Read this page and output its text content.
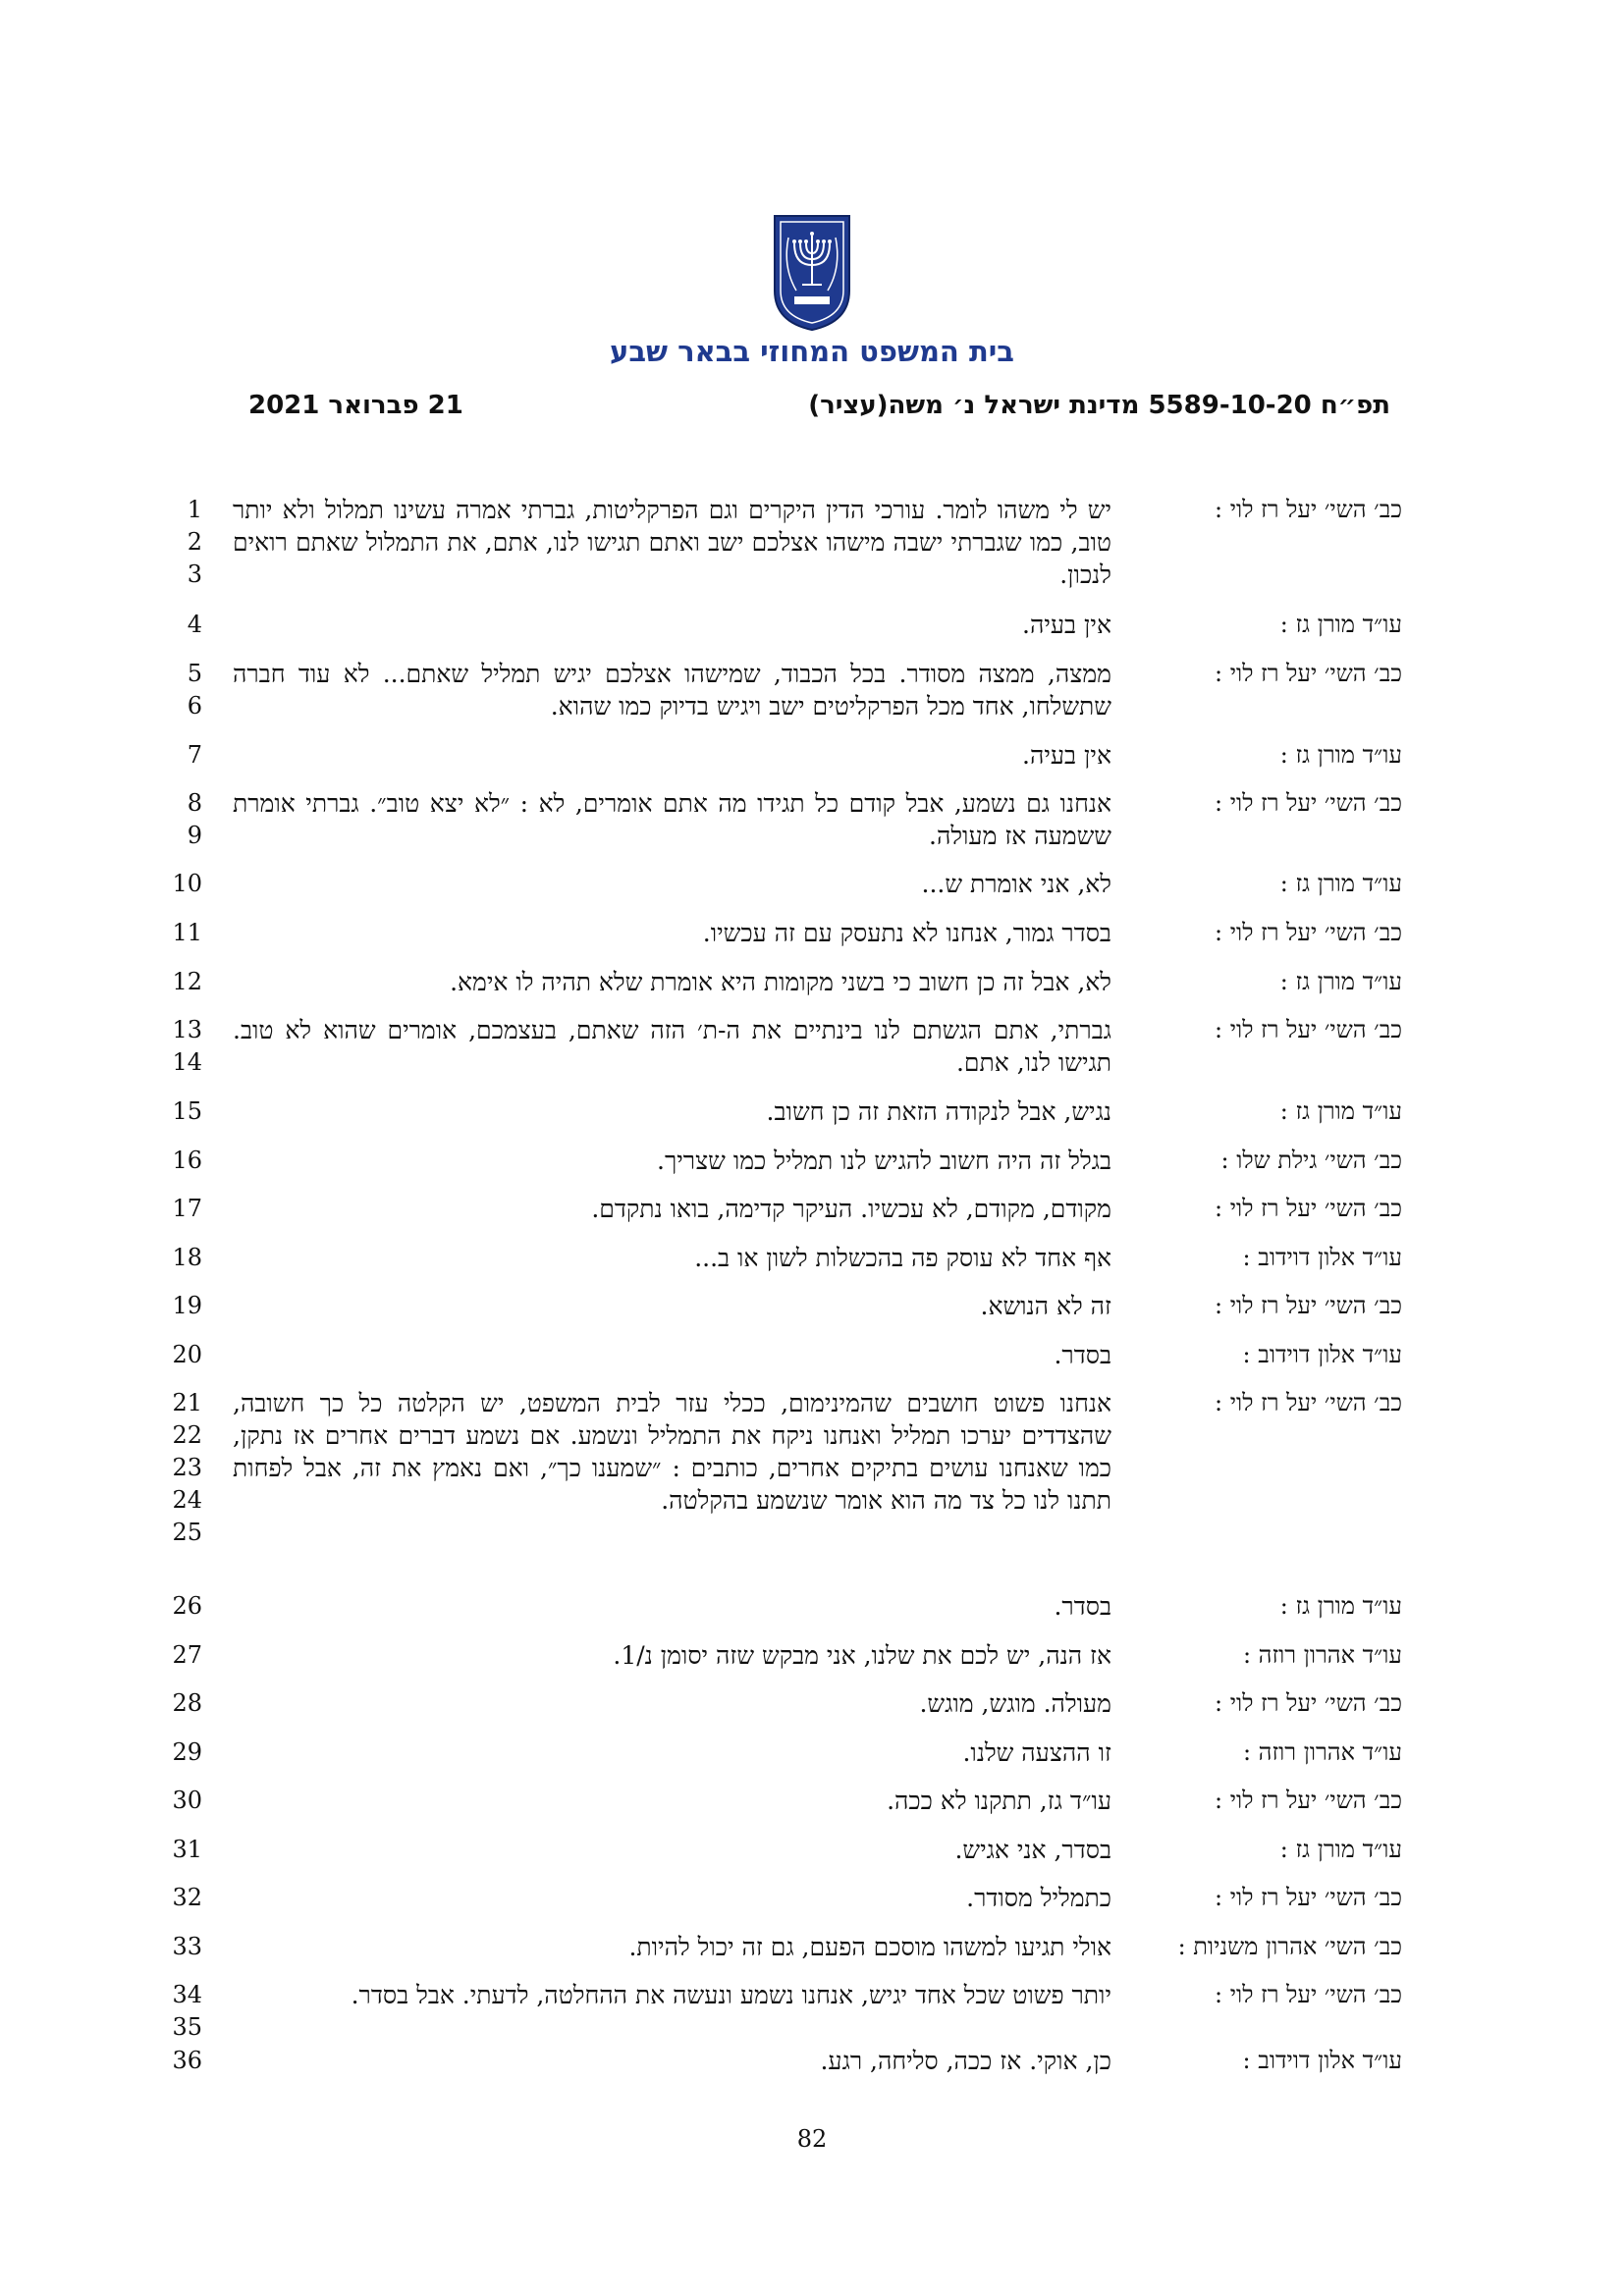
בית המשפט המחוזי בבאר שבע
תפ״ח 5589-10-20 מדינת ישראל נ׳ משה(עציר)
21 פברואר 2021
כב׳ השי׳ יעל רז לוי :
יש לי משהו לומר. עורכי הדין היקרים וגם הפרקליטות, גברתי אמרה עשינו תמלול ולא יותר טוב, כמו שגברתי ישבה מישהו אצלכם ישב ואתם תגישו לנו, אתם, את התמלול שאתם רואים לנכון.
1
2
3
עו״ד מורן גז :
אין בעיה.
4
כב׳ השי׳ יעל רז לוי :
ממצה, ממצה מסודר. בכל הכבוד, שמישהו אצלכם יגיש תמליל שאתם... לא עוד חברה שתשלחו, אחד מכל הפרקליטים ישב ויגיש בדיוק כמו שהוא.
5
6
עו״ד מורן גז :
אין בעיה.
7
כב׳ השי׳ יעל רז לוי :
אנחנו גם נשמע, אבל קודם כל תגידו מה אתם אומרים, לא : ״לא יצא טוב״. גברתי אומרת ששמעה אז מעולה.
8
9
עו״ד מורן גז :
לא, אני אומרת ש...
10
כב׳ השי׳ יעל רז לוי :
בסדר גמור, אנחנו לא נתעסק עם זה עכשיו.
11
עו״ד מורן גז :
לא, אבל זה כן חשוב כי בשני מקומות היא אומרת שלא תהיה לו אימא.
12
כב׳ השי׳ יעל רז לוי :
גברתי, אתם הגשתם לנו בינתיים את ה-ת׳ הזה שאתם, בעצמכם, אומרים שהוא לא טוב. תגישו לנו, אתם.
13
14
עו״ד מורן גז :
נגיש, אבל לנקודה הזאת זה כן חשוב.
15
כב׳ השי׳ גילת שלו :
בגלל זה היה חשוב להגיש לנו תמליל כמו שצריך.
16
כב׳ השי׳ יעל רז לוי :
מקודם, מקודם, לא עכשיו. העיקר קדימה, בואו נתקדם.
17
עו״ד אלון דוידוב :
אף אחד לא עוסק פה בהכשלות לשון או ב...
18
כב׳ השי׳ יעל רז לוי :
זה לא הנושא.
19
עו״ד אלון דוידוב :
בסדר.
20
כב׳ השי׳ יעל רז לוי :
אנחנו פשוט חושבים שהמינימום, ככלי עזר לבית המשפט, יש הקלטה כל כך חשובה, שהצדדים יערכו תמליל ואנחנו ניקח את התמליל ונשמע. אם נשמע דברים אחרים אז נתקן, כמו שאנחנו עושים בתיקים אחרים, כותבים : ״שמענו כך״, ואם נאמץ את זה, אבל לפחות תתנו לנו כל צד מה הוא אומר שנשמע בהקלטה.
21
22
23
24
25
עו״ד מורן גז :
בסדר.
26
עו״ד אהרון רוזה :
אז הנה, יש לכם את שלנו, אני מבקש שזה יסומן נ/1.
27
כב׳ השי׳ יעל רז לוי :
מעולה. מוגש, מוגש.
28
עו״ד אהרון רוזה :
זו ההצעה שלנו.
29
כב׳ השי׳ יעל רז לוי :
עו״ד גז, תתקנו לא ככה.
30
עו״ד מורן גז :
בסדר, אני אגיש.
31
כב׳ השי׳ יעל רז לוי :
כתמליל מסודר.
32
כב׳ השי׳ אהרון משניות :
אולי תגיעו למשהו מוסכם הפעם, גם זה יכול להיות.
33
כב׳ השי׳ יעל רז לוי :
יותר פשוט שכל אחד יגיש, אנחנו נשמע ונעשה את ההחלטה, לדעתי. אבל בסדר.
34
35
עו״ד אלון דוידוב :
כן, אוקי. אז ככה, סליחה, רגע.
36
82
